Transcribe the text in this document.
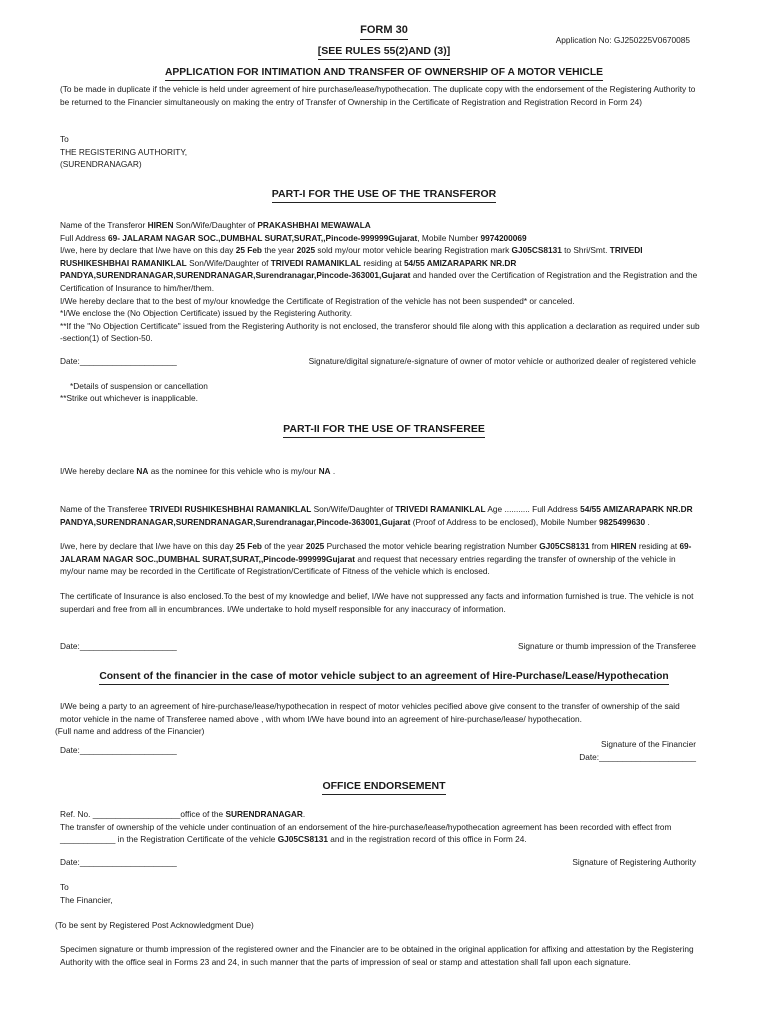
FORM 30
Application No: GJ250225V0670085
[SEE RULES 55(2)AND (3)]
APPLICATION FOR INTIMATION AND TRANSFER OF OWNERSHIP OF A MOTOR VEHICLE
(To be made in duplicate if the vehicle is held under agreement of hire purchase/lease/hypothecation. The duplicate copy with the endorsement of the Registering Authority to be returned to the Financier simultaneously on making the entry of Transfer of Ownership in the Certificate of Registration and Registration Record in Form 24)
To
THE REGISTERING AUTHORITY,
(SURENDRANAGAR)
PART-I FOR THE USE OF THE TRANSFEROR
Name of the Transferor HIREN Son/Wife/Daughter of PRAKASHBHAI MEWAWALA
Full Address 69- JALARAM NAGAR SOC.,DUMBHAL SURAT,SURAT,,Pincode-999999Gujarat, Mobile Number 9974200069
I/we, here by declare that I/we have on this day 25 Feb the year 2025 sold my/our motor vehicle bearing Registration mark GJ05CS8131 to Shri/Smt. TRIVEDI RUSHIKESHBHAI RAMANIKLAL Son/Wife/Daughter of TRIVEDI RAMANIKLAL residing at 54/55 AMIZARAPARK NR.DR PANDYA,SURENDRANAGAR,SURENDRANAGAR,Surendranagar,Pincode-363001,Gujarat and handed over the Certification of Registration and the Registration and the Certification of Insurance to him/her/them.
I/We hereby declare that to the best of my/our knowledge the Certificate of Registration of the vehicle has not been suspended* or canceled.
*I/We enclose the (No Objection Certificate) issued by the Registering Authority.
**If the "No Objection Certificate" issued from the Registering Authority is not enclosed, the transferor should file along with this application a declaration as required under sub -section(1) of Section-50.
Date:_____________________	Signature/digital signature/e-signature of owner of motor vehicle or authorized dealer of registered vehicle
*Details of suspension or cancellation
**Strike out whichever is inapplicable.
PART-II FOR THE USE OF TRANSFEREE
I/We hereby declare NA as the nominee for this vehicle who is my/our NA .
Name of the Transferee TRIVEDI RUSHIKESHBHAI RAMANIKLAL Son/Wife/Daughter of TRIVEDI RAMANIKLAL Age ........... Full Address 54/55 AMIZARAPARK NR.DR PANDYA,SURENDRANAGAR,SURENDRANAGAR,Surendranagar,Pincode-363001,Gujarat (Proof of Address to be enclosed), Mobile Number 9825499630 .
I/we, here by declare that I/we have on this day 25 Feb of the year 2025 Purchased the motor vehicle bearing registration Number GJ05CS8131 from HIREN residing at 69- JALARAM NAGAR SOC.,DUMBHAL SURAT,SURAT,,Pincode-999999Gujarat and request that necessary entries regarding the transfer of ownership of the vehicle in my/our name may be recorded in the Certificate of Registration/Certificate of Fitness of the vehicle which is enclosed.
The certificate of Insurance is also enclosed.To the best of my knowledge and belief, I/We have not suppressed any facts and information furnished is true. The vehicle is not superdari and free from all in encumbrances. I/We undertake to hold myself responsible for any inaccuracy of information.
Date:_____________________	Signature or thumb impression of the Transferee
Consent of the financier in the case of motor vehicle subject to an agreement of Hire-Purchase/Lease/Hypothecation
I/We being a party to an agreement of hire-purchase/lease/hypothecation in respect of motor vehicles pecified above give consent to the transfer of ownership of the said motor vehicle in the name of Transferee named above , with whom I/We have bound into an agreement of hire-purchase/lease/ hypothecation.
(Full name and address of the Financier)
Signature of the Financier
Date:_____________________
Date:_____________________
OFFICE ENDORSEMENT
Ref. No. ___________________office of the SURENDRANAGAR.
The transfer of ownership of the vehicle under continuation of an endorsement of the hire-purchase/lease/hypothecation agreement has been recorded with effect from ____________ in the Registration Certificate of the vehicle GJ05CS8131 and in the registration record of this office in Form 24.
Date:_____________________	Signature of Registering Authority
To
The Financier,
(To be sent by Registered Post Acknowledgment Due)
Specimen signature or thumb impression of the registered owner and the Financier are to be obtained in the original application for affixing and attestation by the Registering Authority with the office seal in Forms 23 and 24, in such manner that the parts of impression of seal or stamp and attestation shall fall upon each signature.
